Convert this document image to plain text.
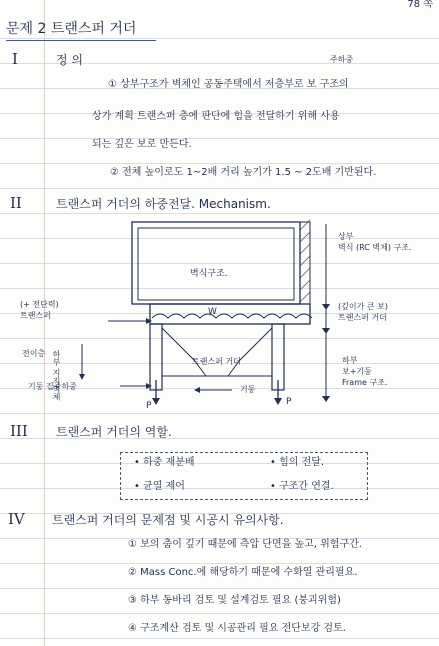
78 쪽
문제 2 트랜스퍼 거더
I	정 의	주하중
① 상부구조가 벽체인 공동주택에서 저층부로 보 구조의
상가 계획 트랜스퍼 층에 판단에 힘을 전달하기 위해 사용
되는 깊은 보로 만든다.
② 전체 높이로도 1~2배 거리 높기가 1.5 ~ 2도배 기반된다.
II	트랜스퍼 거더의 하중전달. Mechanism.
W
벽식구조.
상부
벽식 (RC 벽체) 구조.
(깊이가 큰 보)
트랜스퍼 거더
하부
보+기둥
Frame 구조.
(+ 전단력)
트랜스퍼
전이층 하부 지지벽체	트랜스퍼 거더
기둥 집중하중
P	P
기둥
III 트랜스퍼 거더의 역할.
• 하중 재분배	• 힘의 전달.
• 균열 제어	• 구조간 연결.
IV 트랜스퍼 거더의 문제점 및 시공시 유의사항.
① 보의 춤이 깊기 때문에 측압 단면을 높고, 위험구간.
② Mass Conc.에 해당하기 때문에 수화열 관리필요.
③ 하부 동바리 검토 및 설계검토 필요 (붕괴위험)
④ 구조계산 검토 및 시공관리 필요 전단보강 검토.
